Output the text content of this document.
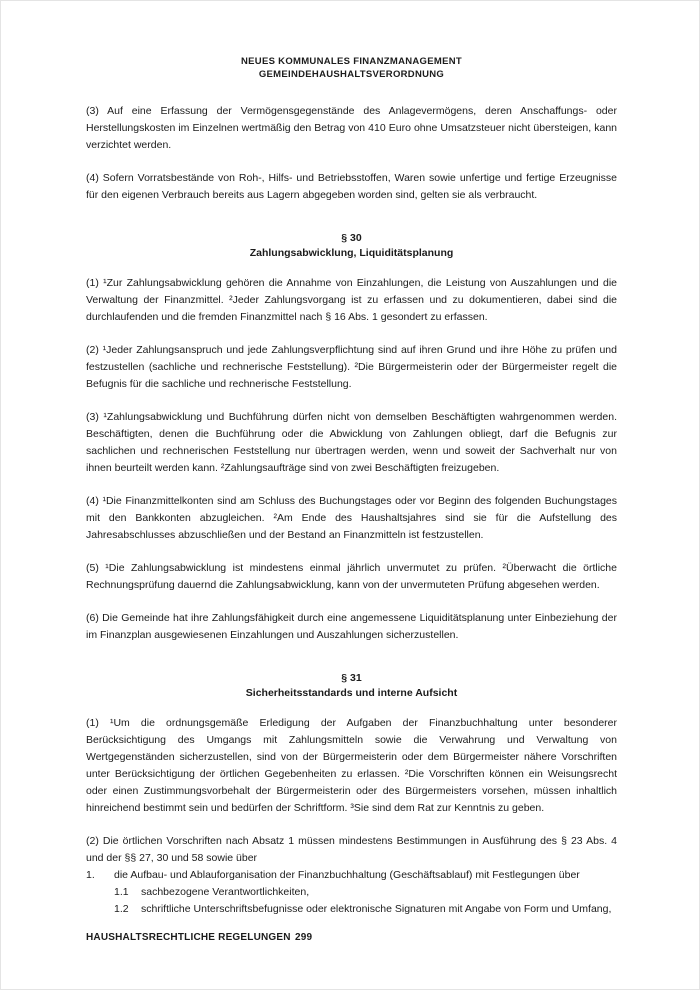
NEUES KOMMUNALES FINANZMANAGEMENT
GEMEINDEHAUSHALTSVERORDNUNG

(3) Auf eine Erfassung der Vermögensgegenstände des Anlagevermögens, deren Anschaffungs- oder Herstellungskosten im Einzelnen wertmäßig den Betrag von 410 Euro ohne Umsatzsteuer nicht übersteigen, kann verzichtet werden.

(4) Sofern Vorratsbestände von Roh-, Hilfs- und Betriebsstoffen, Waren sowie unfertige und fertige Erzeugnisse für den eigenen Verbrauch bereits aus Lagern abgegeben worden sind, gelten sie als verbraucht.

§ 30
Zahlungsabwicklung, Liquiditätsplanung

(1) ¹Zur Zahlungsabwicklung gehören die Annahme von Einzahlungen, die Leistung von Auszahlungen und die Verwaltung der Finanzmittel. ²Jeder Zahlungsvorgang ist zu erfassen und zu dokumentieren, dabei sind die durchlaufenden und die fremden Finanzmittel nach § 16 Abs. 1 gesondert zu erfassen.

(2) ¹Jeder Zahlungsanspruch und jede Zahlungsverpflichtung sind auf ihren Grund und ihre Höhe zu prüfen und festzustellen (sachliche und rechnerische Feststellung). ²Die Bürgermeisterin oder der Bürgermeister regelt die Befugnis für die sachliche und rechnerische Feststellung.

(3) ¹Zahlungsabwicklung und Buchführung dürfen nicht von demselben Beschäftigten wahrgenommen werden. Beschäftigten, denen die Buchführung oder die Abwicklung von Zahlungen obliegt, darf die Befugnis zur sachlichen und rechnerischen Feststellung nur übertragen werden, wenn und soweit der Sachverhalt nur von ihnen beurteilt werden kann. ²Zahlungsaufträge sind von zwei Beschäftigten freizugeben.

(4) ¹Die Finanzmittelkonten sind am Schluss des Buchungstages oder vor Beginn des folgenden Buchungstages mit den Bankkonten abzugleichen. ²Am Ende des Haushaltsjahres sind sie für die Aufstellung des Jahresabschlusses abzuschließen und der Bestand an Finanzmitteln ist festzustellen.

(5) ¹Die Zahlungsabwicklung ist mindestens einmal jährlich unvermutet zu prüfen. ²Überwacht die örtliche Rechnungsprüfung dauernd die Zahlungsabwicklung, kann von der unvermuteten Prüfung abgesehen werden.

(6) Die Gemeinde hat ihre Zahlungsfähigkeit durch eine angemessene Liquiditätsplanung unter Einbeziehung der im Finanzplan ausgewiesenen Einzahlungen und Auszahlungen sicherzustellen.

§ 31
Sicherheitsstandards und interne Aufsicht

(1) ¹Um die ordnungsgemäße Erledigung der Aufgaben der Finanzbuchhaltung unter besonderer Berücksichtigung des Umgangs mit Zahlungsmitteln sowie die Verwahrung und Verwaltung von Wertgegenständen sicherzustellen, sind von der Bürgermeisterin oder dem Bürgermeister nähere Vorschriften unter Berücksichtigung der örtlichen Gegebenheiten zu erlassen. ²Die Vorschriften können ein Weisungsrecht oder einen Zustimmungsvorbehalt der Bürgermeisterin oder des Bürgermeisters vorsehen, müssen inhaltlich hinreichend bestimmt sein und bedürfen der Schriftform. ³Sie sind dem Rat zur Kenntnis zu geben.

(2) Die örtlichen Vorschriften nach Absatz 1 müssen mindestens Bestimmungen in Ausführung des § 23 Abs. 4 und der §§ 27, 30 und 58 sowie über

1.	die Aufbau- und Ablauforganisation der Finanzbuchhaltung (Geschäftsablauf) mit Festlegungen über
1.1	sachbezogene Verantwortlichkeiten,
1.2	schriftliche Unterschriftsbefugnisse oder elektronische Signaturen mit Angabe von Form und Umfang,
HAUSHALTSRECHTLICHE REGELUNGEN 299
